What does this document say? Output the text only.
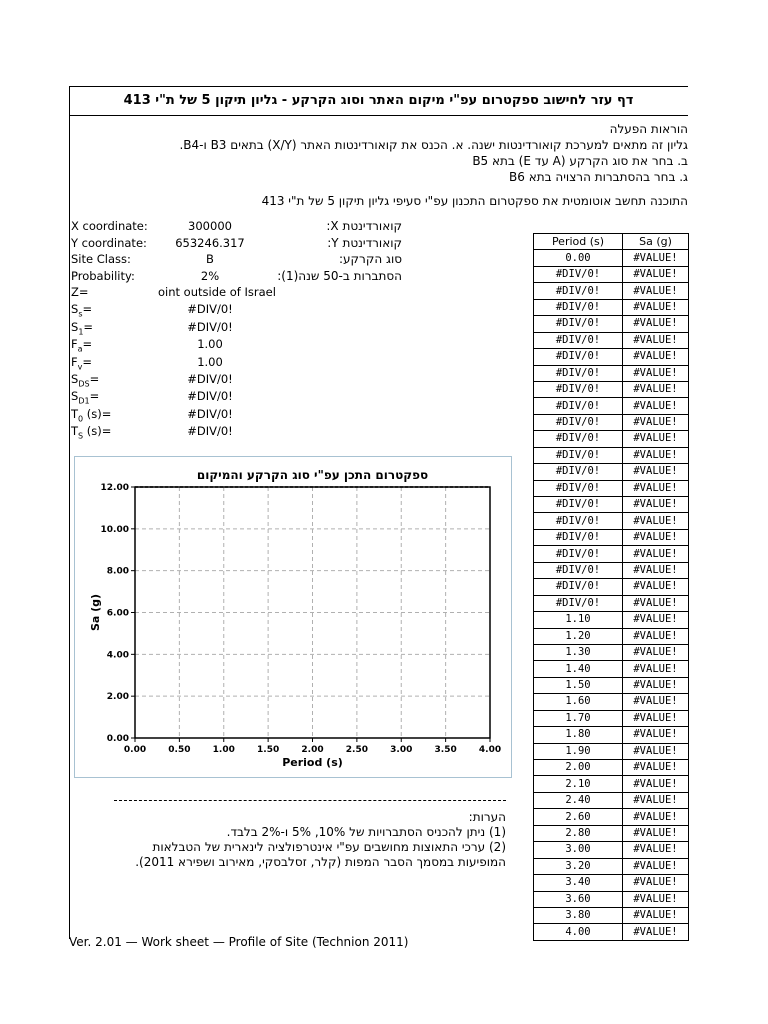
דף עזר לחישוב ספקטרום עפ"י מיקום האתר וסוג הקרקע - גליון תיקון 5 של ת"י 413
הוראות הפעלה
גליון זה מתאים למערכת קואורדינטות ישנה. א. הכנס את קואורדינטות האתר (X/Y) בתאים B3 ו-B4.
ב. בחר את סוג הקרקע (A עד E) בתא B5
ג. בחר בהסתברות הרצויה בתא B6
התוכנה תחשב אוטומטית את ספקטרום התכנון עפ"י סעיפי גליון תיקון 5 של ת"י 413
X coordinate:	300000	קואורדינטת X:
Y coordinate:	653246.317	קואורדינטת Y:
Site Class:	B	סוג הקרקע:
Probability:	2%	הסתברות ב-50 שנה(1):
Z=	oint outside of Israel
$S_s=$	#DIV/0!
$S_1=$	#DIV/0!
$F_a=$	1.00
$F_v=$	1.00
$S_{DS}=$	#DIV/0!
$S_{D1}=$	#DIV/0!
$T_0$ (s)=	#DIV/0!
$T_S$ (s)=	#DIV/0!
Period (s)	Sa (g)
0.00	#VALUE!
#DIV/0!	#VALUE!
#DIV/0!	#VALUE!
#DIV/0!	#VALUE!
#DIV/0!	#VALUE!
#DIV/0!	#VALUE!
#DIV/0!	#VALUE!
#DIV/0!	#VALUE!
#DIV/0!	#VALUE!
#DIV/0!	#VALUE!
#DIV/0!	#VALUE!
#DIV/0!	#VALUE!
#DIV/0!	#VALUE!
#DIV/0!	#VALUE!
#DIV/0!	#VALUE!
#DIV/0!	#VALUE!
#DIV/0!	#VALUE!
#DIV/0!	#VALUE!
#DIV/0!	#VALUE!
#DIV/0!	#VALUE!
#DIV/0!	#VALUE!
#DIV/0!	#VALUE!
1.10	#VALUE!
1.20	#VALUE!
1.30	#VALUE!
1.40	#VALUE!
1.50	#VALUE!
1.60	#VALUE!
1.70	#VALUE!
1.80	#VALUE!
1.90	#VALUE!
2.00	#VALUE!
2.10	#VALUE!
2.40	#VALUE!
2.60	#VALUE!
2.80	#VALUE!
3.00	#VALUE!
3.20	#VALUE!
3.40	#VALUE!
3.60	#VALUE!
3.80	#VALUE!
4.00	#VALUE!
ספקטרום התכן עפ"י סוג הקרקע והמיקום
0.00 0.50 1.00 1.50 2.00 2.50 3.00 3.50 4.00
0.00
2.00
4.00
6.00
8.00
10.00
12.00
Period (s)
Sa (g)
הערות:
(1) ניתן להכניס הסתברויות של 10%, 5% ו-2% בלבד.
(2) ערכי התאוצות מחושבים עפ"י אינטרפולציה לינארית של הטבלאות
המופיעות במסמך הסבר המפות (קלר, זסלבסקי, מאירוב ושפירא 2011).
Ver. 2.01 — Work sheet — Profile of Site (Technion 2011)
